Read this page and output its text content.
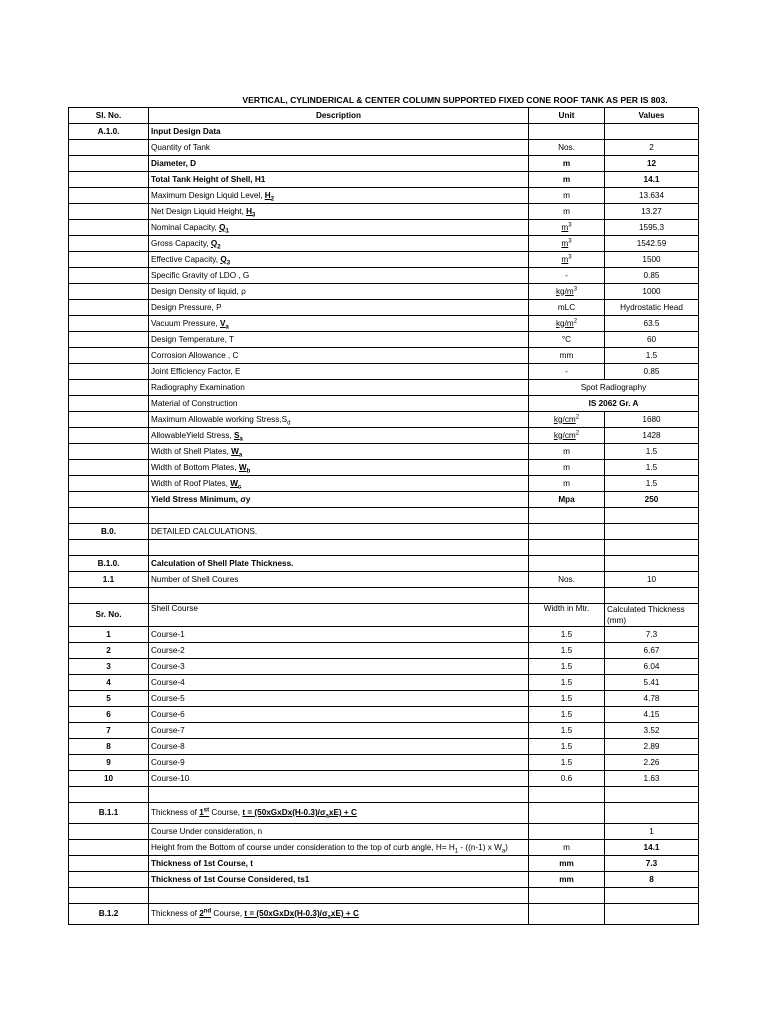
VERTICAL, CYLINDERICAL & CENTER COLUMN SUPPORTED FIXED CONE ROOF TANK AS PER IS 803.
Sl. No.	Description	Unit	Values
A.1.0.	Input Design Data		
	Quantity of Tank	Nos.	2
	Diameter, D	m	12
	Total Tank Height of Shell, H1	m	14.1
	Maximum Design Liquid Level, $H_2$	m	13.634
	Net Design Liquid Height, $H_3$	m	13.27
	Nominal Capacity, $Q_1$	$m^3$	1595.3
	Gross Capacity, $Q_2$	$m^3$	1542.59
	Effective Capacity, $Q_3$	$m^3$	1500
	Specific Gravity of LDO , G	-	0.85
	Design Density of liquid, ρ	$kg/m^3$	1000
	Design Pressure, P	mLC	Hydrostatic Head
	Vacuum Pressure, $V_a$	$kg/m^2$	63.5
	Design Temperature, T	°C	60
	Corrosion Allowance , C	mm	1.5
	Joint Efficiency Factor, E	-	0.85
	Radiography Examination	Spot Radiography	
	Material of Construction	IS 2062 Gr. A	
	Maximum Allowable working $Stress,S_d$	$kg/cm^2$	1680
	AllowableYield Stress, $S_a$	$kg/cm^2$	1428
	Width of Shell Plates, $W_a$	m	1.5
	Width of Bottom Plates, $W_b$	m	1.5
	Width of Roof Plates, $W_c$	m	1.5
	Yield Stress Minimum, σy	Mpa	250

B.0.	DETAILED CALCULATIONS.		

B.1.0.	Calculation of Shell Plate Thickness.		
1.1	Number of Shell Coures	Nos.	10

Sr. No.	Shell Course	Width in Mtr.	Calculated Thickness (mm)
1	Course-1	1.5	7.3
2	Course-2	1.5	6.67
3	Course-3	1.5	6.04
4	Course-4	1.5	5.41
5	Course-5	1.5	4.78
6	Course-6	1.5	4.15
7	Course-7	1.5	3.52
8	Course-8	1.5	2.89
9	Course-9	1.5	2.26
10	Course-10	0.6	1.63

B.1.1	Thickness of 1st Course, $t = (50xGxDx(H-0.3)/\sigma_axE) + C$		
	Course Under consideration, n		1
	Height from the Bottom of course under consideration to the top of curb angle, $H= H_1 - ((n-1)$ x $W_a$)	m	14.1
	Thickness of 1st Course, t	mm	7.3
	Thickness of 1st Course Considered, ts1	mm	8

B.1.2	Thickness of 2nd Course, $t = (50xGxDx(H-0.3)/\sigma_axE) + C$		
